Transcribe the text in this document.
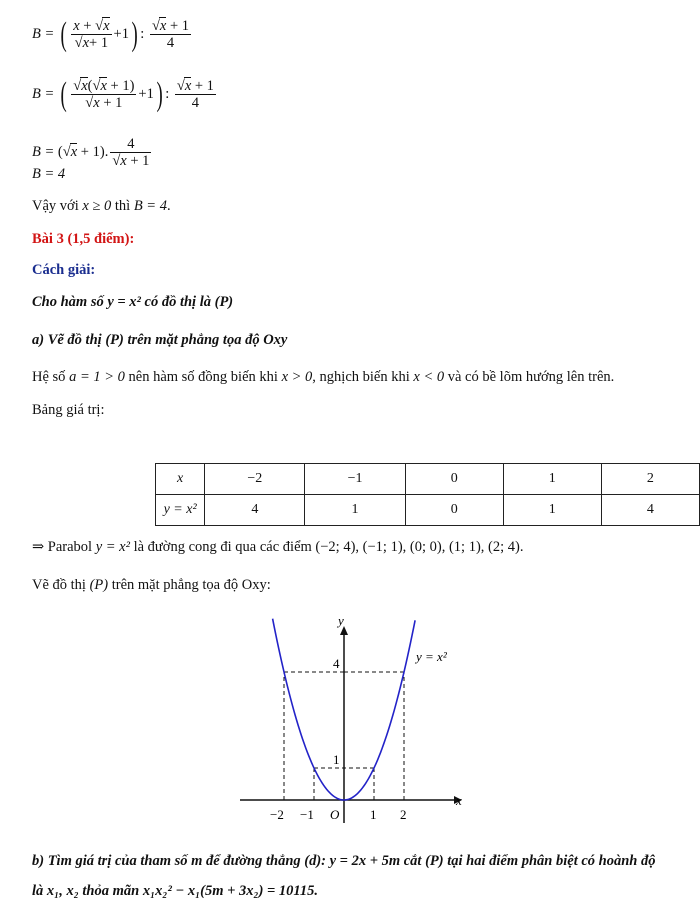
B = ( $\frac{x + √x}{√x+ 1} +1$) : $\frac{√x + 1}{4}$
B = ( $\frac{√x(√x + 1)}{√x + 1} +1$) : $\frac{√x + 1}{4}$
B = (√x + 1). $\frac{4}{√x + 1}$
B = 4
Vậy với x ≥ 0 thì B = 4.
Bài 3 (1,5 điểm):
Cách giải:
Cho hàm số y = x² có đồ thị là (P)
a) Vẽ đồ thị (P) trên mặt phẳng tọa độ Oxy
Hệ số a = 1 > 0 nên hàm số đồng biến khi x > 0, nghịch biến khi x < 0 và có bề lõm hướng lên trên.
Bảng giá trị:
x	−2	−1	0	1	2
y = x²	4	1	0	1	4
⇒ Parabol y = x² là đường cong đi qua các điểm (−2; 4), (−1; 1), (0; 0), (1; 1), (2; 4).
Vẽ đồ thị (P) trên mặt phẳng tọa độ Oxy:
y
x
O
y = x²
−2 −1	1 2
1
4
b) Tìm giá trị của tham số m để đường thẳng (d): y = 2x + 5m cắt (P) tại hai điểm phân biệt có hoành độ
là x₁, x₂ thỏa mãn x₁x₂² − x₁(5m + 3x₂) = 10115.
